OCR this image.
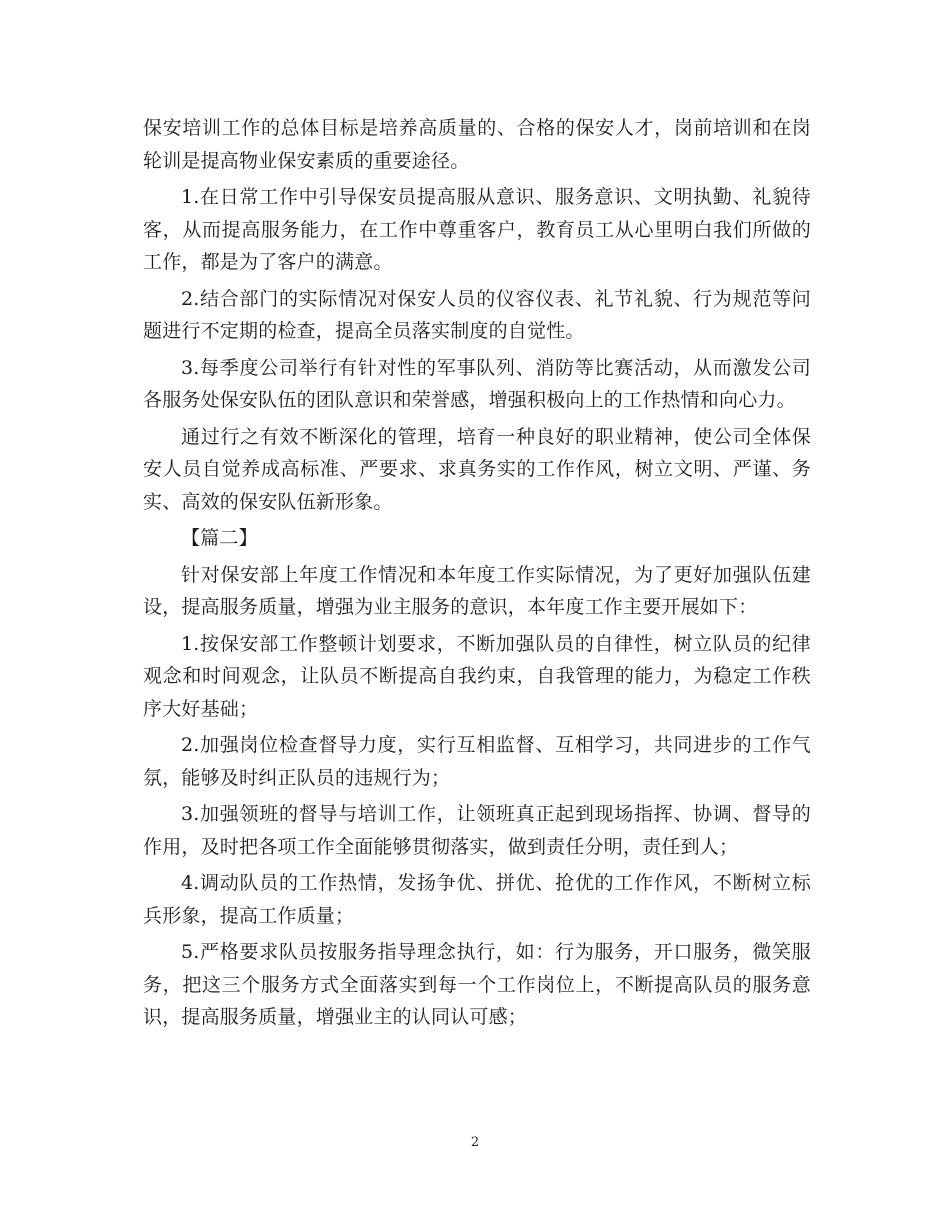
保安培训工作的总体目标是培养高质量的、合格的保安人才，岗前培训和在岗轮训是提高物业保安素质的重要途径。

1.在日常工作中引导保安员提高服从意识、服务意识、文明执勤、礼貌待客，从而提高服务能力，在工作中尊重客户，教育员工从心里明白我们所做的工作，都是为了客户的满意。

2.结合部门的实际情况对保安人员的仪容仪表、礼节礼貌、行为规范等问题进行不定期的检查，提高全员落实制度的自觉性。

3.每季度公司举行有针对性的军事队列、消防等比赛活动，从而激发公司各服务处保安队伍的团队意识和荣誉感，增强积极向上的工作热情和向心力。

通过行之有效不断深化的管理，培育一种良好的职业精神，使公司全体保安人员自觉养成高标准、严要求、求真务实的工作作风，树立文明、严谨、务实、高效的保安队伍新形象。

【篇二】

针对保安部上年度工作情况和本年度工作实际情况，为了更好加强队伍建设，提高服务质量，增强为业主服务的意识，本年度工作主要开展如下：

1.按保安部工作整顿计划要求，不断加强队员的自律性，树立队员的纪律观念和时间观念，让队员不断提高自我约束，自我管理的能力，为稳定工作秩序大好基础；

2.加强岗位检查督导力度，实行互相监督、互相学习，共同进步的工作气氛，能够及时纠正队员的违规行为；

3.加强领班的督导与培训工作，让领班真正起到现场指挥、协调、督导的作用，及时把各项工作全面能够贯彻落实，做到责任分明，责任到人；

4.调动队员的工作热情，发扬争优、拼优、抢优的工作作风，不断树立标兵形象，提高工作质量；

5.严格要求队员按服务指导理念执行，如：行为服务，开口服务，微笑服务，把这三个服务方式全面落实到每一个工作岗位上，不断提高队员的服务意识，提高服务质量，增强业主的认同认可感；

2
